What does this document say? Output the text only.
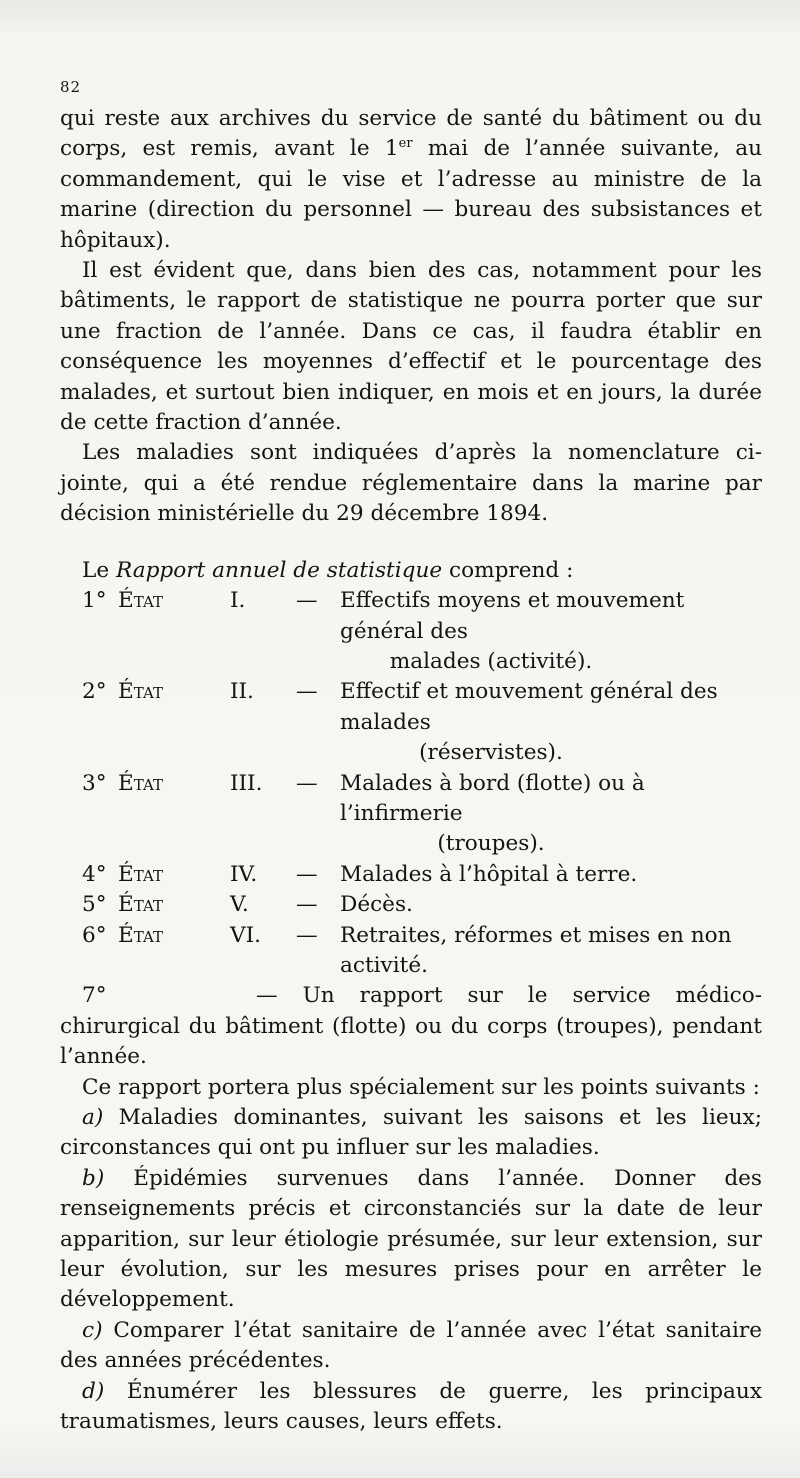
82

qui reste aux archives du service de santé du bâtiment ou du corps, est remis, avant le 1er mai de l’année suivante, au commandement, qui le vise et l’adresse au ministre de la marine (direction du personnel — bureau des subsistances et hôpitaux).

Il est évident que, dans bien des cas, notamment pour les bâtiments, le rapport de statistique ne pourra porter que sur une fraction de l’année. Dans ce cas, il faudra établir en conséquence les moyennes d’effectif et le pourcentage des malades, et surtout bien indiquer, en mois et en jours, la durée de cette fraction d’année.

Les maladies sont indiquées d’après la nomenclature ci-jointe, qui a été rendue réglementaire dans la marine par décision ministérielle du 29 décembre 1894.

Le Rapport annuel de statistique comprend :

1° État	I.	—	Effectifs moyens et mouvement général des

malades (activité).
2° État	II.	—	Effectif et mouvement général des malades

(réservistes).
3° État	III.	—	Malades à bord (flotte) ou à l’infirmerie

(troupes).
4° État	IV.	—	Malades à l’hôpital à terre.
5° État	V.	—	Décès.
6° État	VI.	—	Retraites, réformes et mises en non activité.

7°	— Un rapport sur le service médico-chirurgical du bâtiment (flotte) ou du corps (troupes), pendant l’année.

Ce rapport portera plus spécialement sur les points suivants :

a) Maladies dominantes, suivant les saisons et les lieux; circonstances qui ont pu influer sur les maladies.

b) Épidémies survenues dans l’année. Donner des renseignements précis et circonstanciés sur la date de leur apparition, sur leur étiologie présumée, sur leur extension, sur leur évolution, sur les mesures prises pour en arrêter le développement.

c) Comparer l’état sanitaire de l’année avec l’état sanitaire des années précédentes.

d) Énumérer les blessures de guerre, les principaux traumatismes, leurs causes, leurs effets.
